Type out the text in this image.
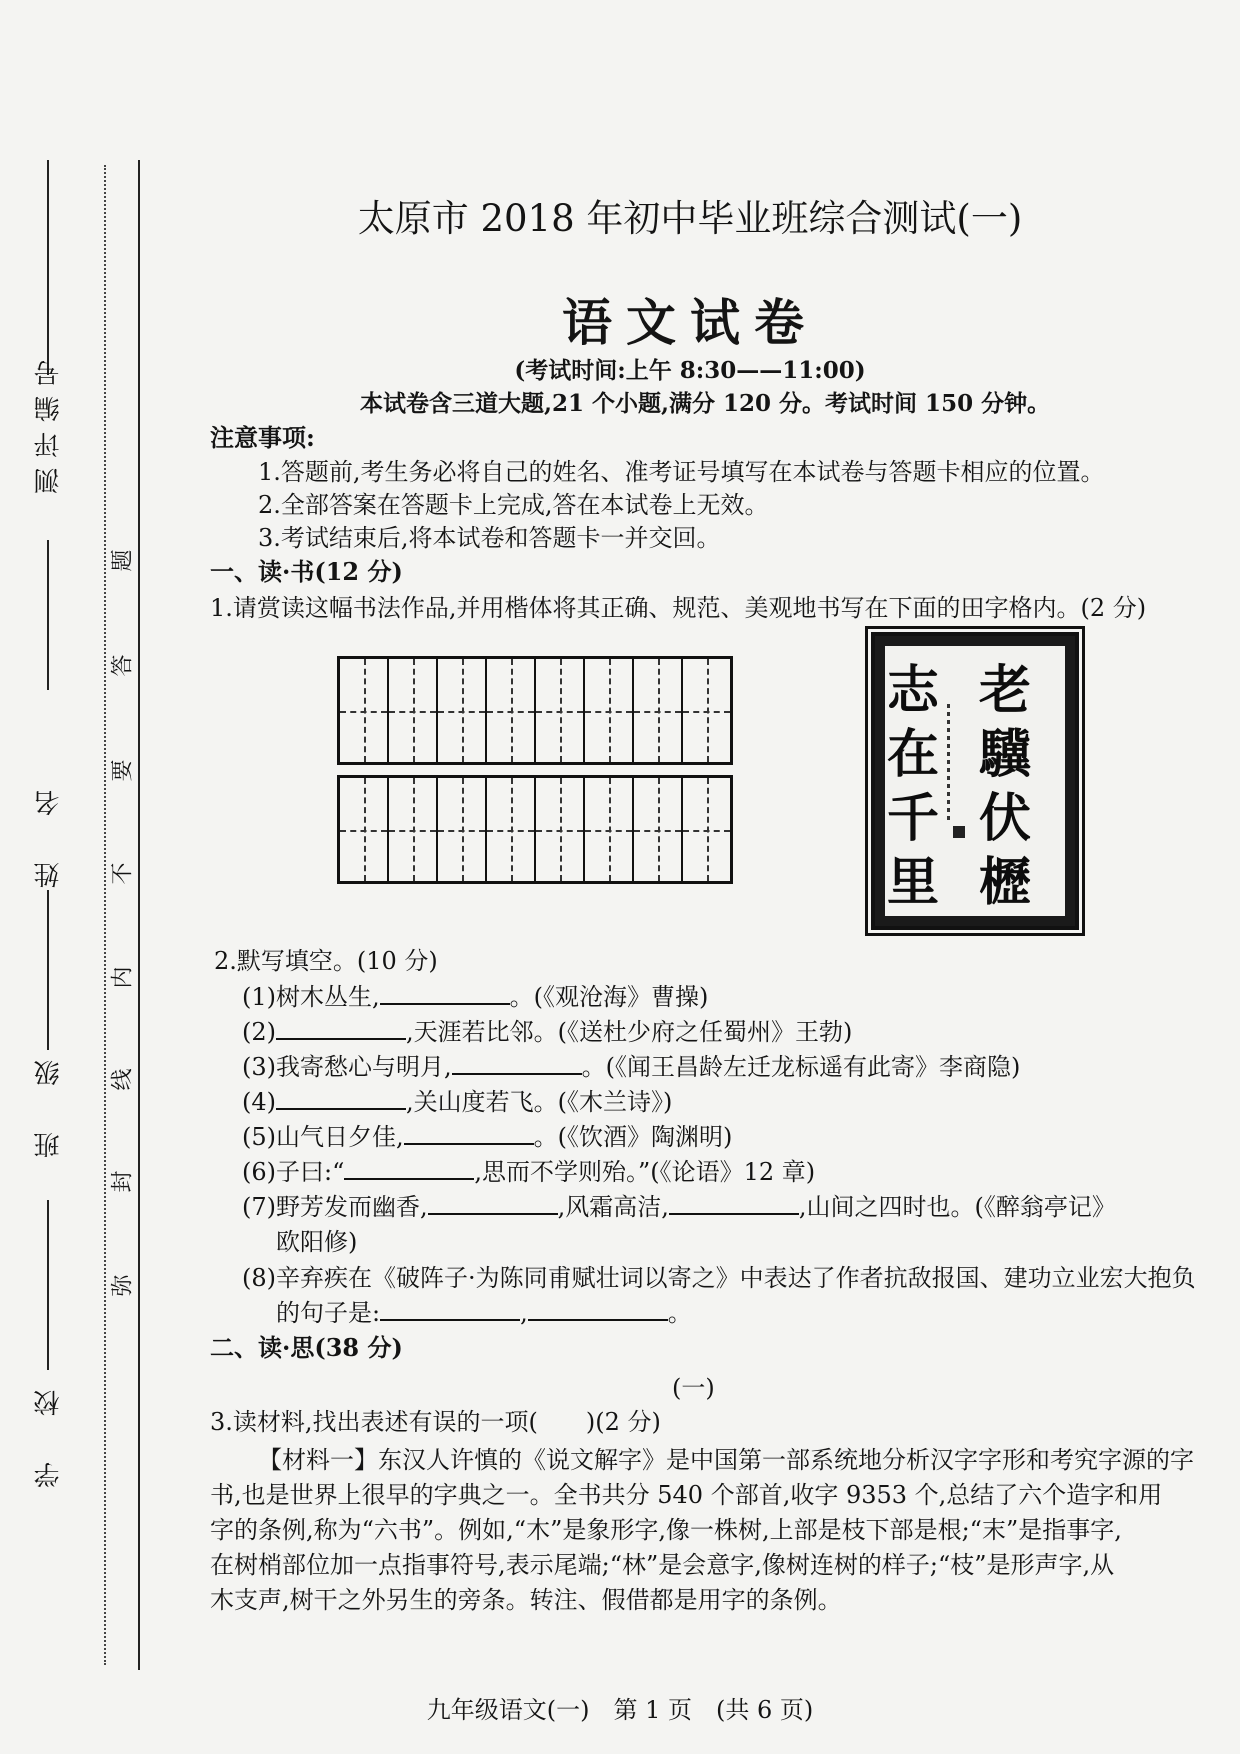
测评编号
姓　名
班　级
学　校
题
答
要
不
内
线
封
弥
太原市 2018 年初中毕业班综合测试(一)
语文试卷
(考试时间:上午 8:30——11:00)
本试卷含三道大题,21 个小题,满分 120 分。考试时间 150 分钟。
注意事项:
1.答题前,考生务必将自己的姓名、准考证号填写在本试卷与答题卡相应的位置。
2.全部答案在答题卡上完成,答在本试卷上无效。
3.考试结束后,将本试卷和答题卡一并交回。
一、读·书(12 分)
1.请赏读这幅书法作品,并用楷体将其正确、规范、美观地书写在下面的田字格内。(2 分)
老
驥
伏
櫪
志
在
千
里
2.默写填空。(10 分)
(1)树木丛生,	。(《观沧海》曹操)
(2)	,天涯若比邻。(《送杜少府之任蜀州》王勃)
(3)我寄愁心与明月,	。(《闻王昌龄左迁龙标遥有此寄》李商隐)
(4)	,关山度若飞。(《木兰诗》)
(5)山气日夕佳,	。(《饮酒》陶渊明)
(6)子曰:“	,思而不学则殆。”(《论语》12 章)
(7)野芳发而幽香,	,风霜高洁,	,山间之四时也。(《醉翁亭记》
欧阳修)
(8)辛弃疾在《破阵子·为陈同甫赋壮词以寄之》中表达了作者抗敌报国、建功立业宏大抱负
的句子是:	,	。
二、读·思(38 分)
(一)
3.读材料,找出表述有误的一项(　　)(2 分)
【材料一】东汉人许慎的《说文解字》是中国第一部系统地分析汉字字形和考究字源的字
书,也是世界上很早的字典之一。全书共分 540 个部首,收字 9353 个,总结了六个造字和用
字的条例,称为“六书”。例如,“木”是象形字,像一株树,上部是枝下部是根;“末”是指事字,
在树梢部位加一点指事符号,表示尾端;“林”是会意字,像树连树的样子;“枝”是形声字,从
木支声,树干之外另生的旁条。转注、假借都是用字的条例。
九年级语文(一)　第 1 页　(共 6 页)
